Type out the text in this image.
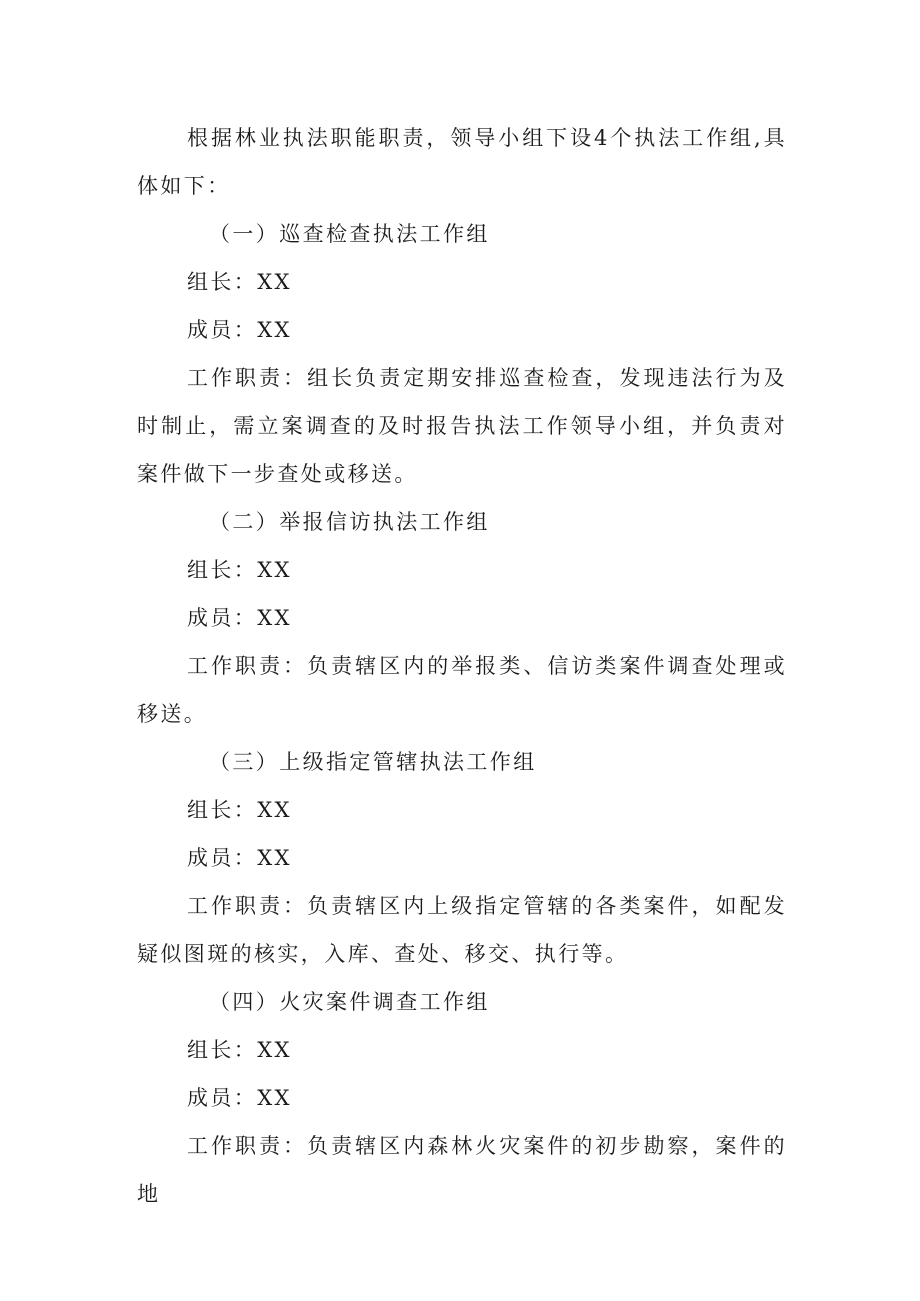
根据林业执法职能职责，领导小组下设4个执法工作组,具体如下：

（一）巡查检查执法工作组

组长：XX

成员：XX

工作职责：组长负责定期安排巡查检查，发现违法行为及时制止，需立案调查的及时报告执法工作领导小组，并负责对案件做下一步查处或移送。

（二）举报信访执法工作组

组长：XX

成员：XX

工作职责：负责辖区内的举报类、信访类案件调查处理或移送。

（三）上级指定管辖执法工作组

组长：XX

成员：XX

工作职责：负责辖区内上级指定管辖的各类案件，如配发疑似图斑的核实，入库、查处、移交、执行等。

（四）火灾案件调查工作组

组长：XX

成员：XX

工作职责：负责辖区内森林火灾案件的初步勘察，案件的地
